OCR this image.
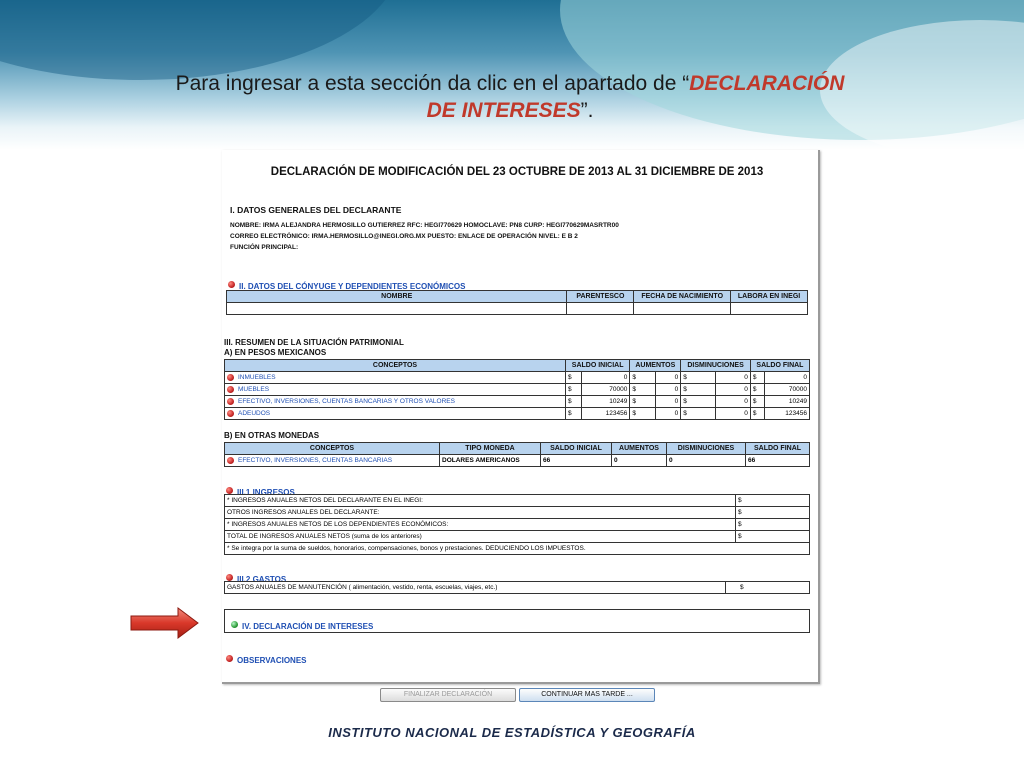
Para ingresar a esta sección da clic en el apartado de “DECLARACIÓN
DE INTERESES”.
DECLARACIÓN DE MODIFICACIÓN DEL 23 OCTUBRE DE 2013 AL 31 DICIEMBRE DE 2013
I. DATOS GENERALES DEL DECLARANTE
NOMBRE: IRMA ALEJANDRA HERMOSILLO GUTIERREZ RFC: HEGI770629 HOMOCLAVE: PN8 CURP: HEGI770629MASRTR00
CORREO ELECTRÓNICO: IRMA.HERMOSILLO@INEGI.ORG.MX PUESTO: ENLACE DE OPERACIÓN NIVEL: E B 2
FUNCIÓN PRINCIPAL:
II. DATOS DEL CÓNYUGE Y DEPENDIENTES ECONÓMICOS
NOMBRE	PARENTESCO	FECHA DE NACIMIENTO	LABORA EN INEGI

III. RESUMEN DE LA SITUACIÓN PATRIMONIAL
A) EN PESOS MEXICANOS
CONCEPTOS	SALDO INICIAL		AUMENTOS		DISMINUCIONES		SALDO FINAL	
INMUEBLES	$	0	$	0	$	0	$	0
MUEBLES	$	70000	$	0	$	0	$	70000
EFECTIVO, INVERSIONES, CUENTAS BANCARIAS Y OTROS VALORES	$	10249	$	0	$	0	$	10249
ADEUDOS	$	123456	$	0	$	0	$	123456
B) EN OTRAS MONEDAS
CONCEPTOS	TIPO MONEDA	SALDO INICIAL	AUMENTOS	DISMINUCIONES	SALDO FINAL
EFECTIVO, INVERSIONES, CUENTAS BANCARIAS	DOLARES AMERICANOS	66	0	0	66
III.1 INGRESOS
* INGRESOS ANUALES NETOS DEL DECLARANTE EN EL INEGI:	$
OTROS INGRESOS ANUALES DEL DECLARANTE:	$
* INGRESOS ANUALES NETOS DE LOS DEPENDIENTES ECONÓMICOS:	$
TOTAL DE INGRESOS ANUALES NETOS (suma de los anteriores)	$
* Se integra por la suma de sueldos, honorarios, compensaciones, bonos y prestaciones. DEDUCIENDO LOS IMPUESTOS.	
III.2 GASTOS
GASTOS ANUALES DE MANUTENCIÓN ( alimentación, vestido, renta, escuelas, viajes, etc.)	$
IV. DECLARACIÓN DE INTERESES
OBSERVACIONES
FINALIZAR DECLARACIÓN	CONTINUAR MAS TARDE ...
INSTITUTO NACIONAL DE ESTADÍSTICA Y GEOGRAFÍA
